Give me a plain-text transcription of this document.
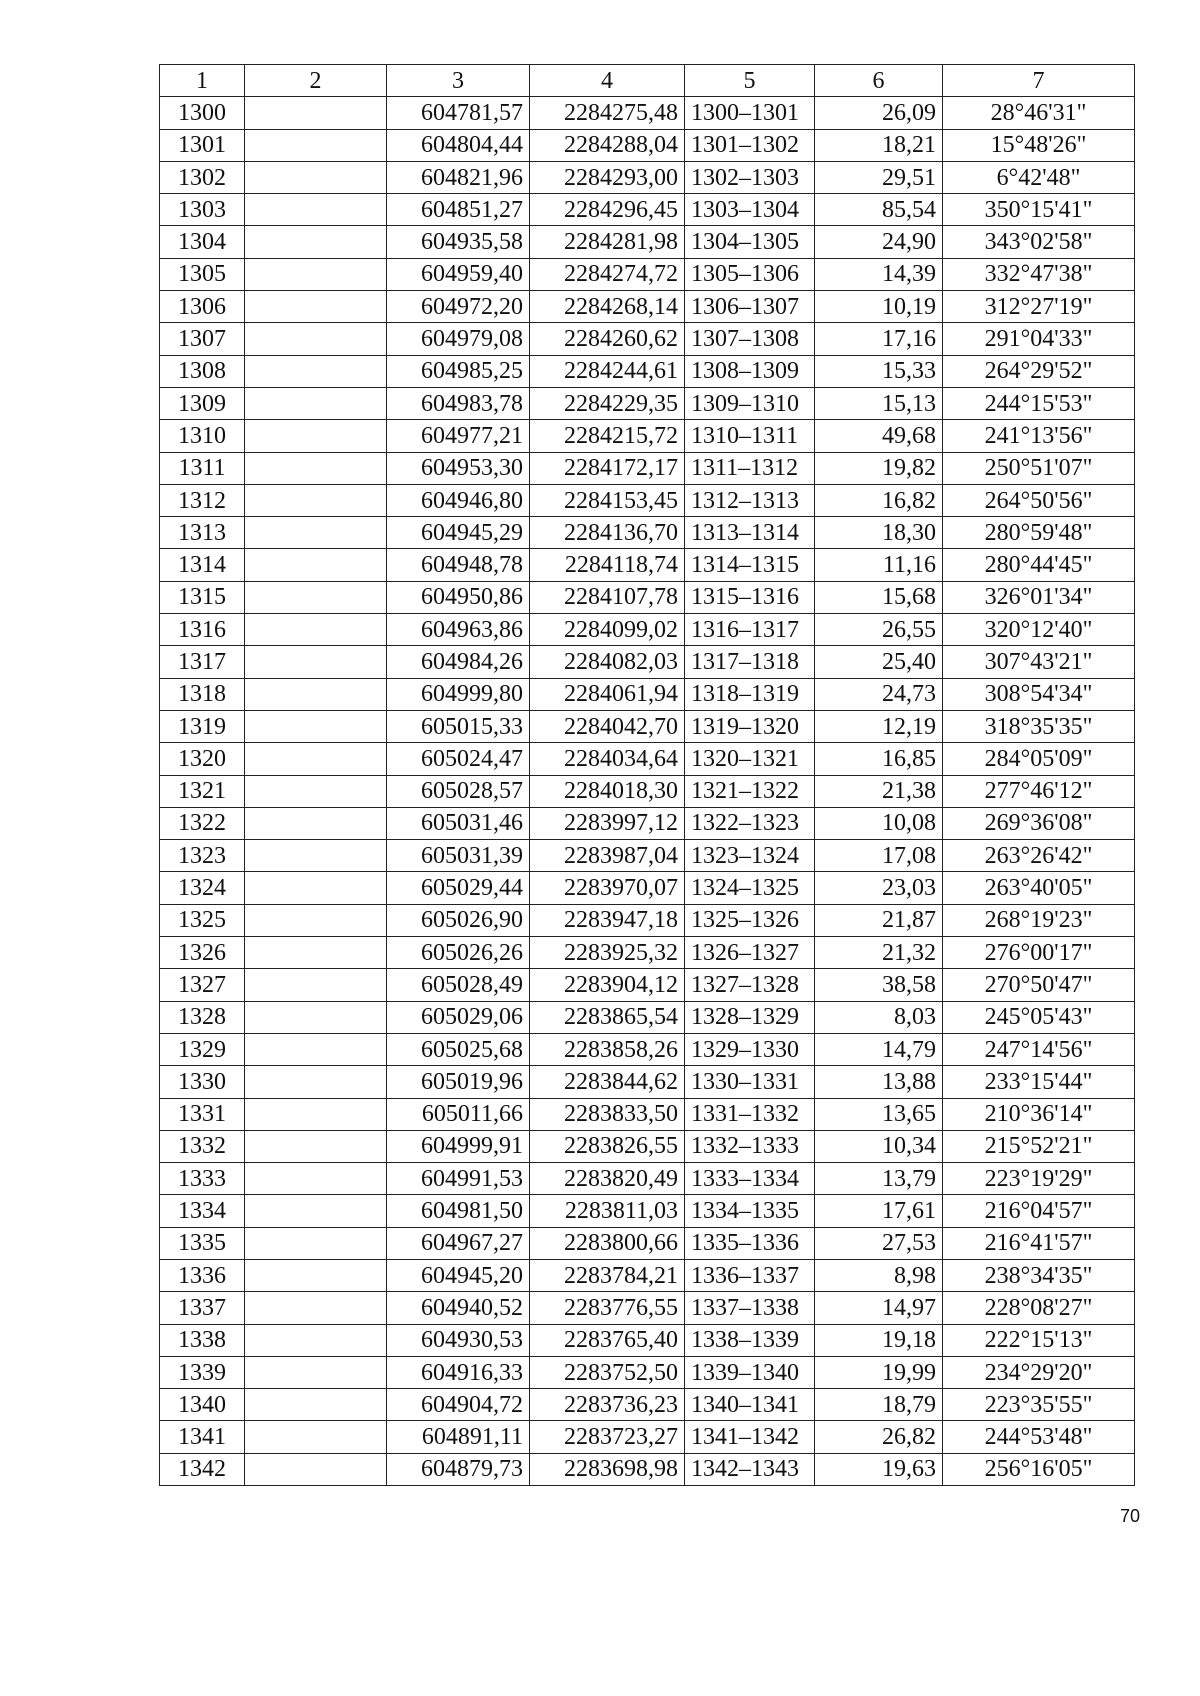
1	2	3	4	5	6	7
1300		604781,57	2284275,48	1300–1301	26,09	28°46'31"
1301		604804,44	2284288,04	1301–1302	18,21	15°48'26"
1302		604821,96	2284293,00	1302–1303	29,51	6°42'48"
1303		604851,27	2284296,45	1303–1304	85,54	350°15'41"
1304		604935,58	2284281,98	1304–1305	24,90	343°02'58"
1305		604959,40	2284274,72	1305–1306	14,39	332°47'38"
1306		604972,20	2284268,14	1306–1307	10,19	312°27'19"
1307		604979,08	2284260,62	1307–1308	17,16	291°04'33"
1308		604985,25	2284244,61	1308–1309	15,33	264°29'52"
1309		604983,78	2284229,35	1309–1310	15,13	244°15'53"
1310		604977,21	2284215,72	1310–1311	49,68	241°13'56"
1311		604953,30	2284172,17	1311–1312	19,82	250°51'07"
1312		604946,80	2284153,45	1312–1313	16,82	264°50'56"
1313		604945,29	2284136,70	1313–1314	18,30	280°59'48"
1314		604948,78	2284118,74	1314–1315	11,16	280°44'45"
1315		604950,86	2284107,78	1315–1316	15,68	326°01'34"
1316		604963,86	2284099,02	1316–1317	26,55	320°12'40"
1317		604984,26	2284082,03	1317–1318	25,40	307°43'21"
1318		604999,80	2284061,94	1318–1319	24,73	308°54'34"
1319		605015,33	2284042,70	1319–1320	12,19	318°35'35"
1320		605024,47	2284034,64	1320–1321	16,85	284°05'09"
1321		605028,57	2284018,30	1321–1322	21,38	277°46'12"
1322		605031,46	2283997,12	1322–1323	10,08	269°36'08"
1323		605031,39	2283987,04	1323–1324	17,08	263°26'42"
1324		605029,44	2283970,07	1324–1325	23,03	263°40'05"
1325		605026,90	2283947,18	1325–1326	21,87	268°19'23"
1326		605026,26	2283925,32	1326–1327	21,32	276°00'17"
1327		605028,49	2283904,12	1327–1328	38,58	270°50'47"
1328		605029,06	2283865,54	1328–1329	8,03	245°05'43"
1329		605025,68	2283858,26	1329–1330	14,79	247°14'56"
1330		605019,96	2283844,62	1330–1331	13,88	233°15'44"
1331		605011,66	2283833,50	1331–1332	13,65	210°36'14"
1332		604999,91	2283826,55	1332–1333	10,34	215°52'21"
1333		604991,53	2283820,49	1333–1334	13,79	223°19'29"
1334		604981,50	2283811,03	1334–1335	17,61	216°04'57"
1335		604967,27	2283800,66	1335–1336	27,53	216°41'57"
1336		604945,20	2283784,21	1336–1337	8,98	238°34'35"
1337		604940,52	2283776,55	1337–1338	14,97	228°08'27"
1338		604930,53	2283765,40	1338–1339	19,18	222°15'13"
1339		604916,33	2283752,50	1339–1340	19,99	234°29'20"
1340		604904,72	2283736,23	1340–1341	18,79	223°35'55"
1341		604891,11	2283723,27	1341–1342	26,82	244°53'48"
1342		604879,73	2283698,98	1342–1343	19,63	256°16'05"
70
